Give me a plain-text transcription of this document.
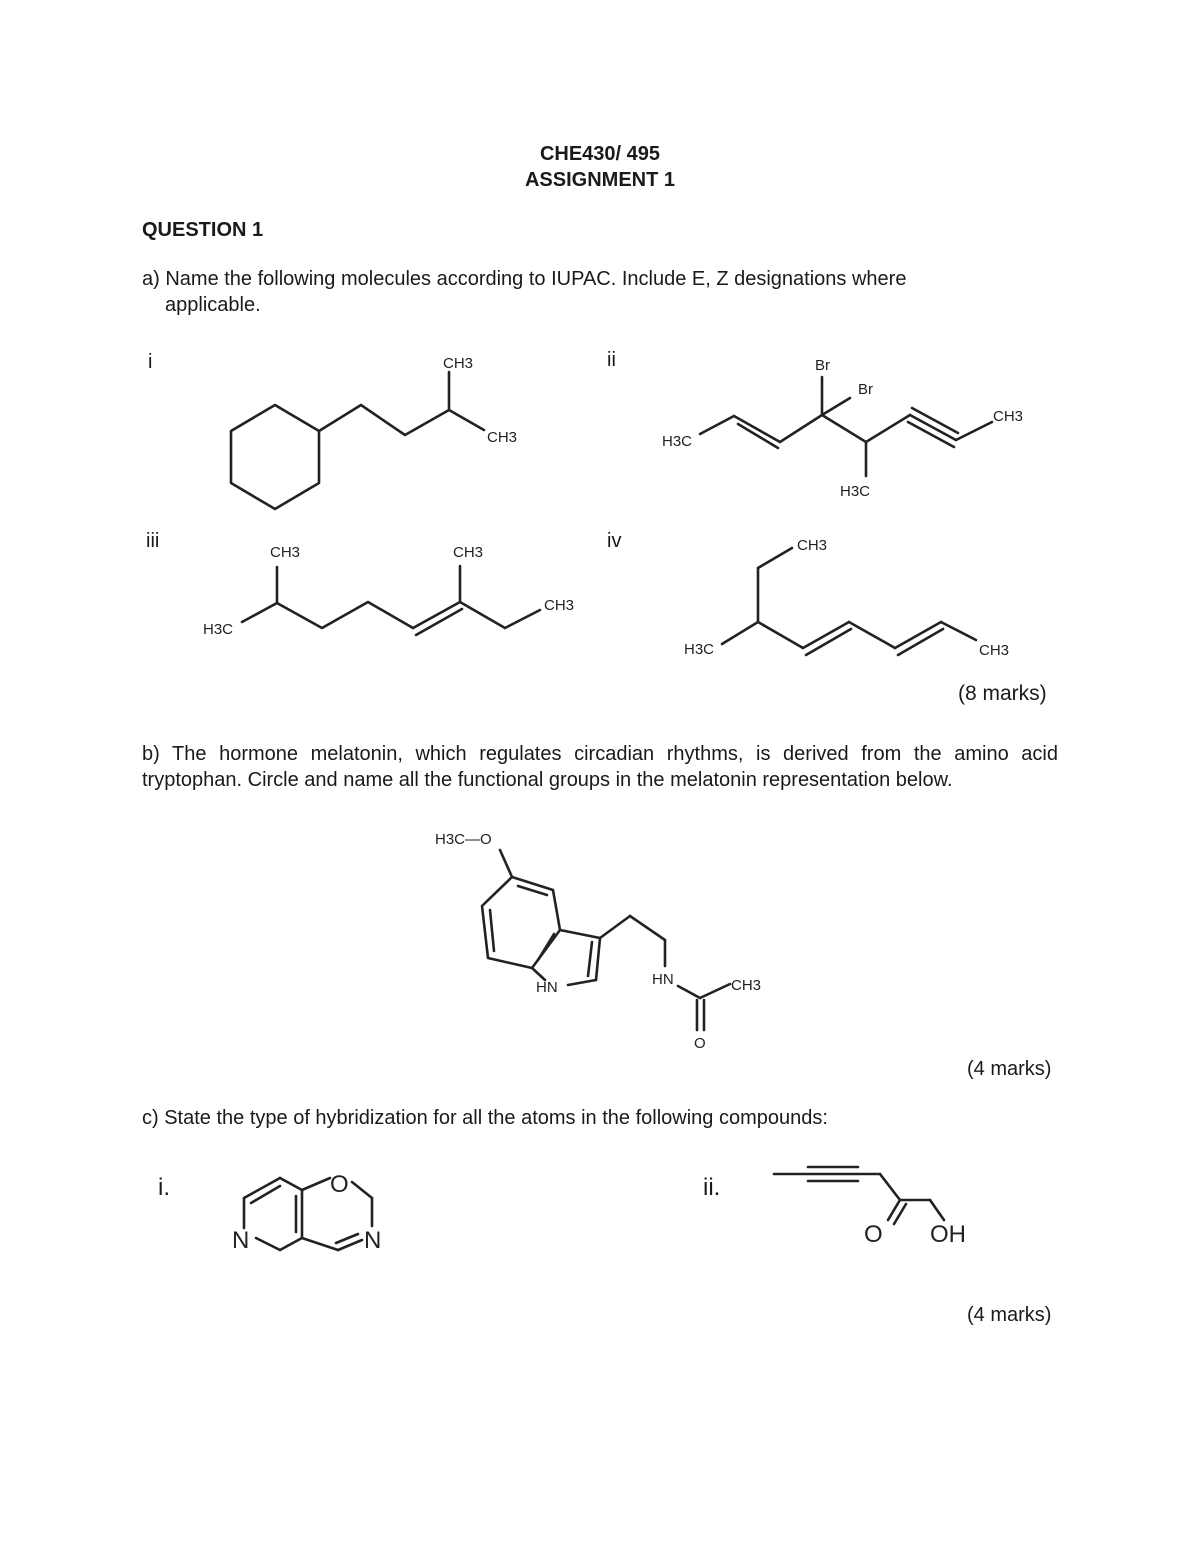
CHE430/ 495
ASSIGNMENT 1
QUESTION 1
a) Name the following molecules according to IUPAC. Include E, Z designations where
applicable.
i	ii
iii	iv
CH3
CH3	H3C
Br
Br
CH3
H3C
CH3	CH3
CH3
H3C
CH3
H3C	CH3
(8 marks)
b) The hormone melatonin, which regulates circadian rhythms, is derived from the amino acid
tryptophan. Circle and name all the functional groups in the melatonin representation below.
H3C—O
HN	HN
O
CH3
(4 marks)
c) State the type of hybridization for all the atoms in the following compounds:
i.	ii.
O
N	N	O OH
(4 marks)
